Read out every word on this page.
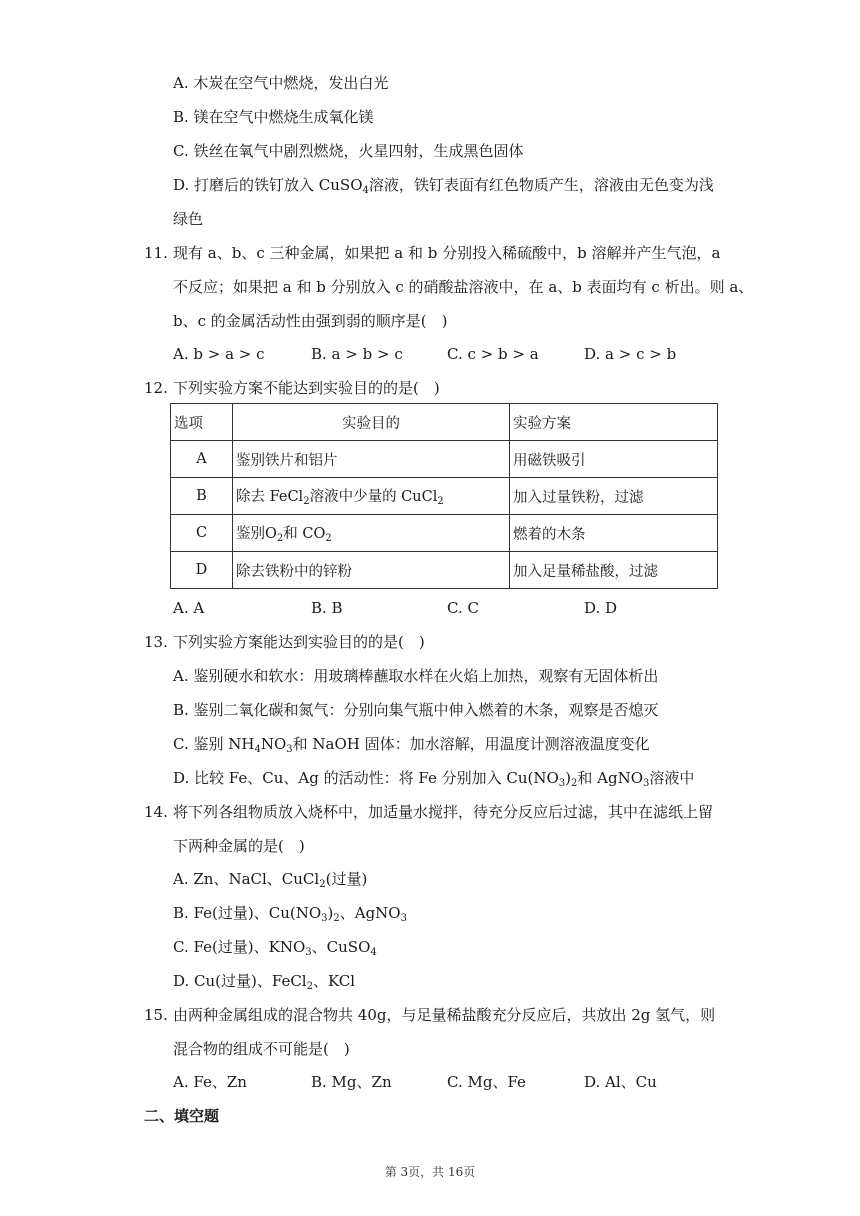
A. 木炭在空气中燃烧，发出白光
B. 镁在空气中燃烧生成氧化镁
C. 铁丝在氧气中剧烈燃烧，火星四射，生成黑色固体
D. 打磨后的铁钉放入 CuSO$_4$溶液，铁钉表面有红色物质产生，溶液由无色变为浅
绿色
11. 现有 a、b、c 三种金属，如果把 a 和 b 分别投入稀硫酸中，b 溶解并产生气泡，a
不反应；如果把 a 和 b 分别放入 c 的硝酸盐溶液中，在 a、b 表面均有 c 析出。则 a、
b、c 的金属活动性由强到弱的顺序是(　)
A. b > a > c	B. a > b > c	C. c > b > a	D. a > c > b
12. 下列实验方案不能达到实验目的的是(　)
选项	实验目的	实验方案
A	鉴别铁片和铝片	用磁铁吸引
B	除去 FeCl$_2$溶液中少量的 CuCl$_2$	加入过量铁粉，过滤
C	鉴别$O_2$和 $CO_2$	燃着的木条
D	除去铁粉中的锌粉	加入足量稀盐酸，过滤
A. A	B. B	C. C	D. D
13. 下列实验方案能达到实验目的的是(　)
A. 鉴别硬水和软水：用玻璃棒蘸取水样在火焰上加热，观察有无固体析出
B. 鉴别二氧化碳和氮气：分别向集气瓶中伸入燃着的木条，观察是否熄灭
C. 鉴别 $NH_4NO_3$和 NaOH 固体：加水溶解，用温度计测溶液温度变化
D. 比较 Fe、Cu、Ag 的活动性：将 Fe 分别加入 $Cu(NO_3)_2$和 AgNO$_3$溶液中
14. 将下列各组物质放入烧杯中，加适量水搅拌，待充分反应后过滤，其中在滤纸上留
下两种金属的是(　)
A. Zn、NaCl、CuCl$_2$(过量)
B. Fe(过量)、$Cu(NO_3)_2$、AgNO$_3$
C. Fe(过量)、$KNO_3$、CuSO$_4$
D. Cu(过量)、FeCl$_2$、KCl
15. 由两种金属组成的混合物共 40g，与足量稀盐酸充分反应后，共放出 2g 氢气，则
混合物的组成不可能是(　)
A. Fe、Zn	B. Mg、Zn	C. Mg、Fe	D. Al、Cu
二、填空题
第 3页，共 16页
